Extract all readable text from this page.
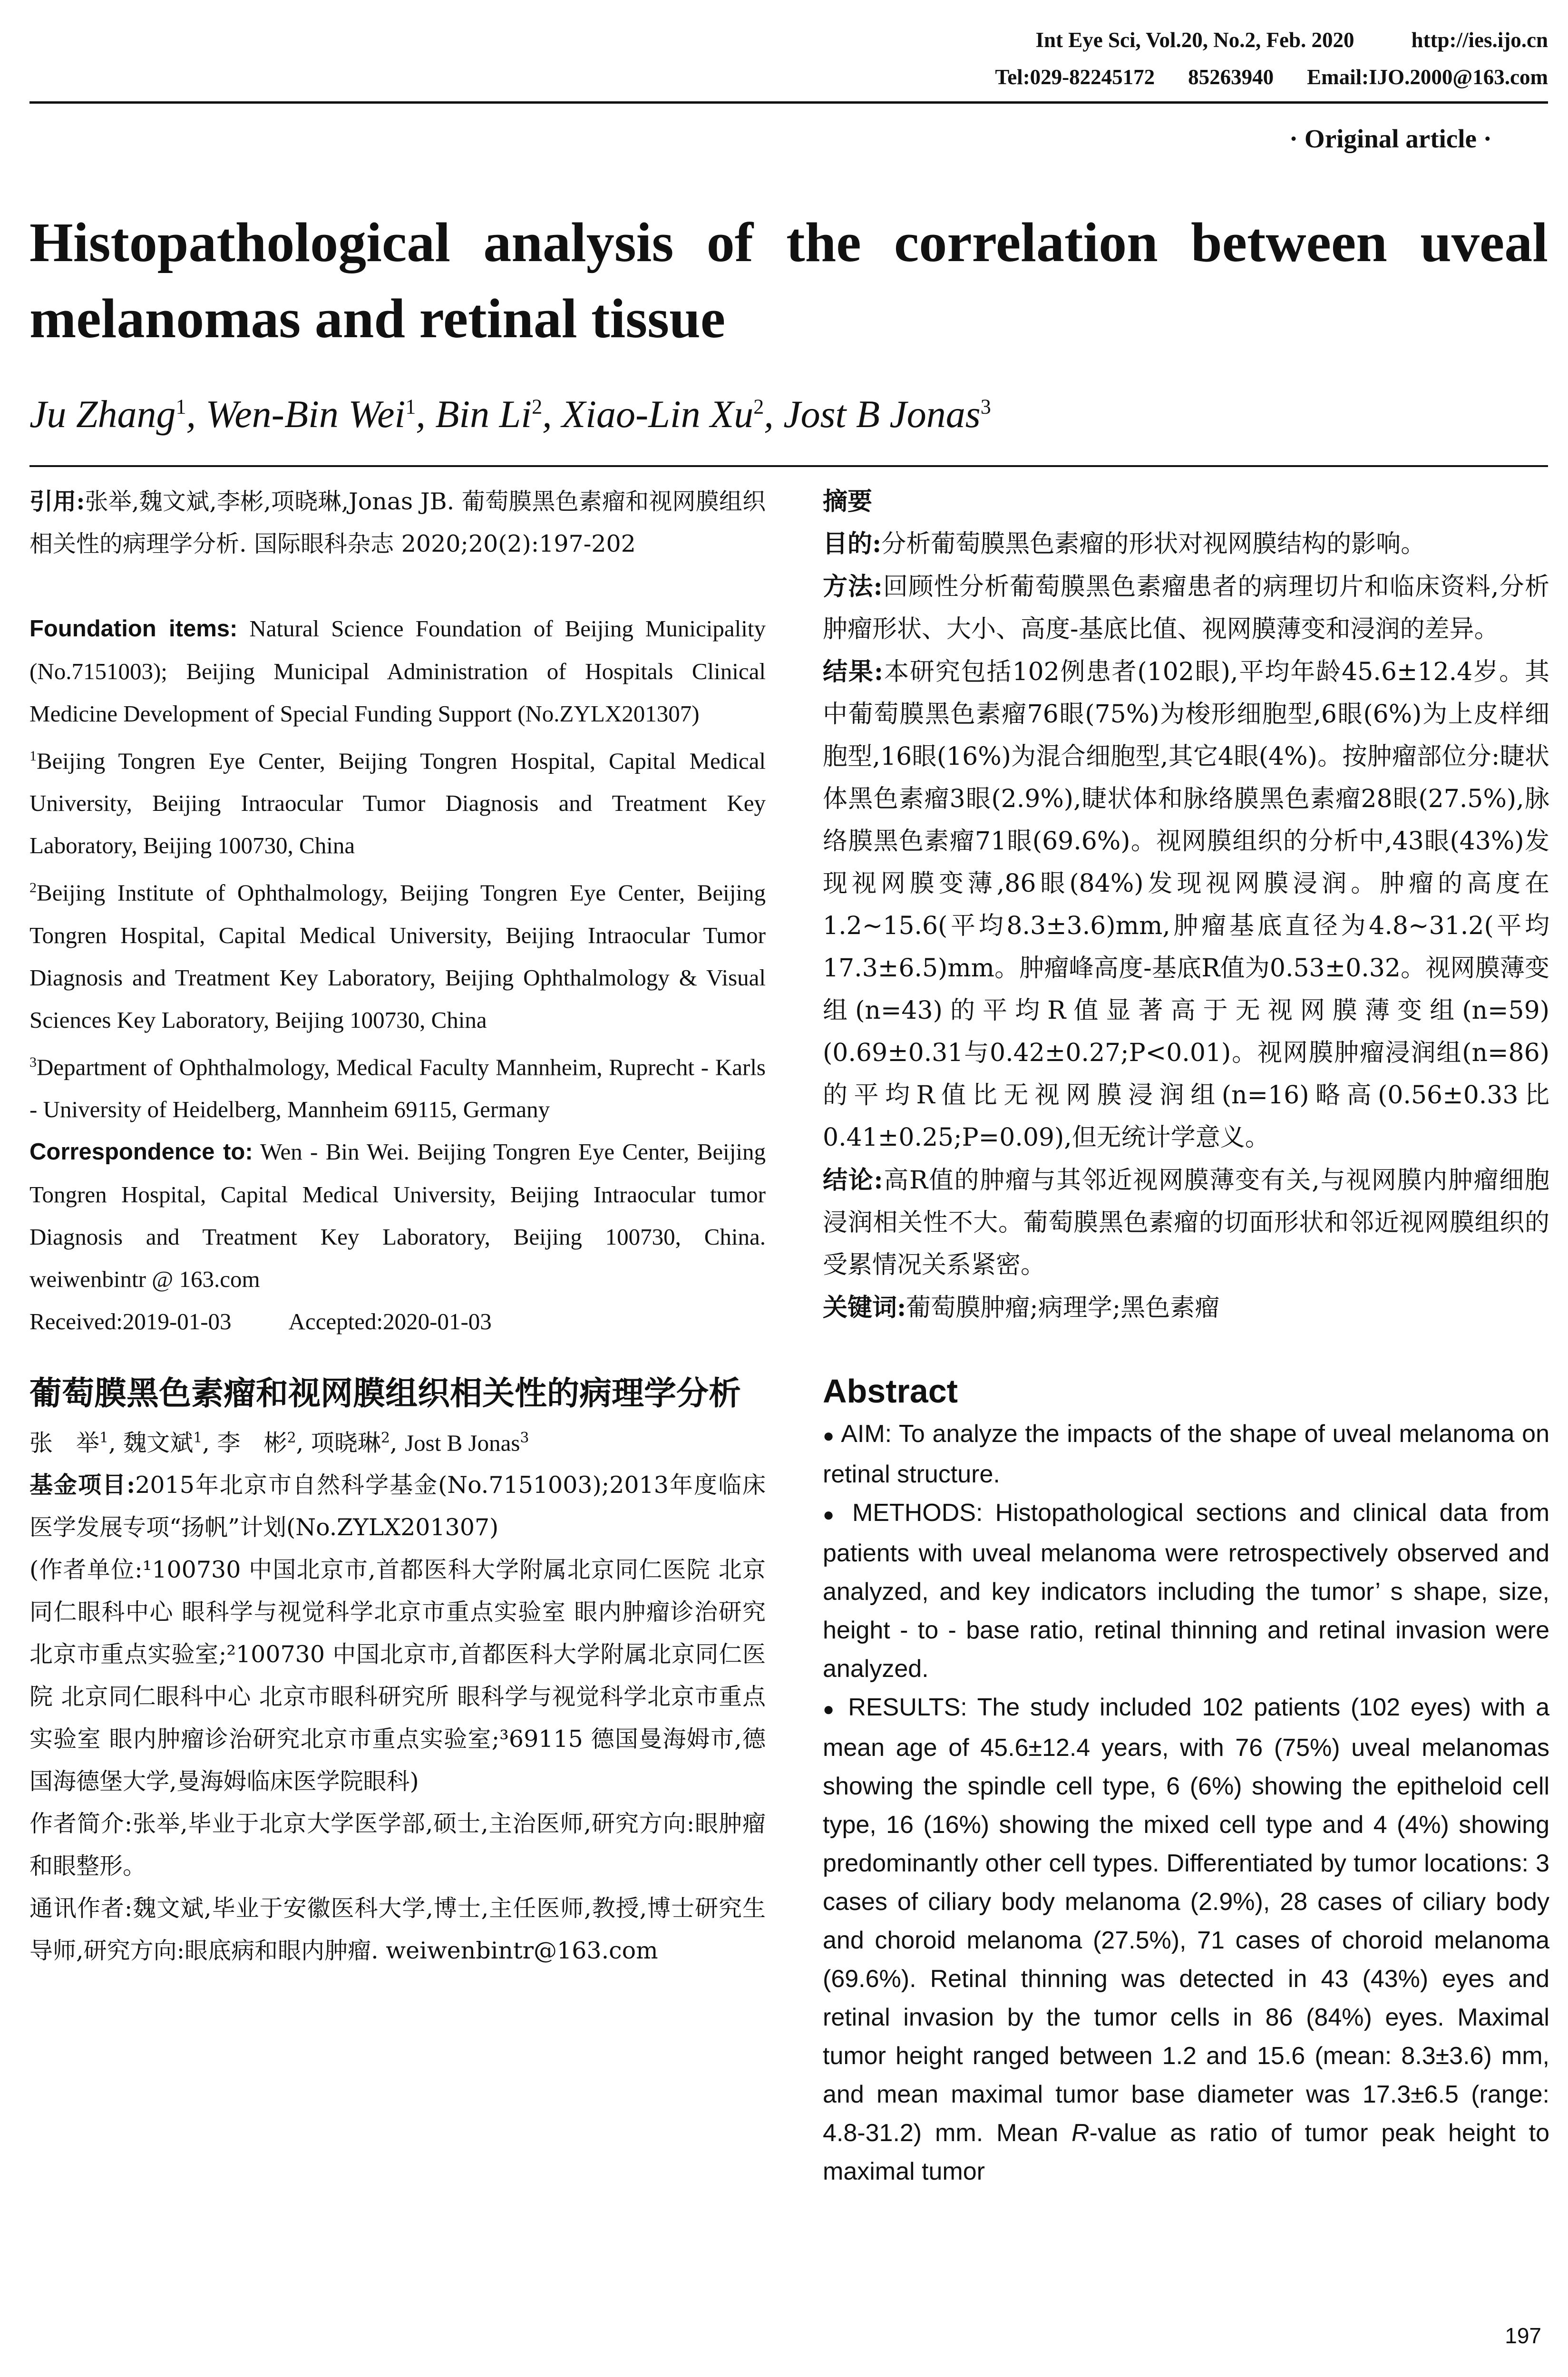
Int Eye Sci, Vol.20, No.2, Feb. 2020	http://ies.ijo.cn
Tel:029-82245172 85263940 Email:IJO.2000@163.com
· Original article ·
Histopathological analysis of the correlation between uveal melanomas and retinal tissue
Ju Zhang$^1$, Wen-Bin Wei$^1$, Bin Li$^2$, Xiao-Lin Xu$^2$, Jost B Jonas$^3$

引用:张举,魏文斌,李彬,项晓琳,Jonas JB. 葡萄膜黑色素瘤和视网膜组织相关性的病理学分析. 国际眼科杂志 2020;20(2):197-202

Foundation items: Natural Science Foundation of Beijing Municipality (No.7151003); Beijing Municipal Administration of Hospitals Clinical Medicine Development of Special Funding Support (No.ZYLX201307)

$^1$Beijing Tongren Eye Center, Beijing Tongren Hospital, Capital Medical University, Beijing Intraocular Tumor Diagnosis and Treatment Key Laboratory, Beijing 100730, China

$^2$Beijing Institute of Ophthalmology, Beijing Tongren Eye Center, Beijing Tongren Hospital, Capital Medical University, Beijing Intraocular Tumor Diagnosis and Treatment Key Laboratory, Beijing Ophthalmology & Visual Sciences Key Laboratory, Beijing 100730, China

$^3$Department of Ophthalmology, Medical Faculty Mannheim, Ruprecht - Karls - University of Heidelberg, Mannheim 69115, Germany

Correspondence to: Wen - Bin Wei. Beijing Tongren Eye Center, Beijing Tongren Hospital, Capital Medical University, Beijing Intraocular tumor Diagnosis and Treatment Key Laboratory, Beijing 100730, China. weiwenbintr @ 163.com

Received:2019-01-03 Accepted:2020-01-03

葡萄膜黑色素瘤和视网膜组织相关性的病理学分析

张　举$^1$, 魏文斌$^1$, 李　彬$^2$, 项晓琳$^2$, Jost B Jonas$^3$

基金项目:2015年北京市自然科学基金(No.7151003);2013年度临床医学发展专项“扬帆”计划(No.ZYLX201307)

(作者单位:¹100730 中国北京市,首都医科大学附属北京同仁医院 北京同仁眼科中心 眼科学与视觉科学北京市重点实验室 眼内肿瘤诊治研究北京市重点实验室;²100730 中国北京市,首都医科大学附属北京同仁医院 北京同仁眼科中心 北京市眼科研究所 眼科学与视觉科学北京市重点实验室 眼内肿瘤诊治研究北京市重点实验室;³69115 德国曼海姆市,德国海德堡大学,曼海姆临床医学院眼科)

作者简介:张举,毕业于北京大学医学部,硕士,主治医师,研究方向:眼肿瘤和眼整形。

通讯作者:魏文斌,毕业于安徽医科大学,博士,主任医师,教授,博士研究生导师,研究方向:眼底病和眼内肿瘤. weiwenbintr@163.com

摘要

目的:分析葡萄膜黑色素瘤的形状对视网膜结构的影响。

方法:回顾性分析葡萄膜黑色素瘤患者的病理切片和临床资料,分析肿瘤形状、大小、高度-基底比值、视网膜薄变和浸润的差异。

结果:本研究包括102例患者(102眼),平均年龄45.6±12.4岁。其中葡萄膜黑色素瘤76眼(75%)为梭形细胞型,6眼(6%)为上皮样细胞型,16眼(16%)为混合细胞型,其它4眼(4%)。按肿瘤部位分:睫状体黑色素瘤3眼(2.9%),睫状体和脉络膜黑色素瘤28眼(27.5%),脉络膜黑色素瘤71眼(69.6%)。视网膜组织的分析中,43眼(43%)发现视网膜变薄,86眼(84%)发现视网膜浸润。肿瘤的高度在1.2~15.6(平均8.3±3.6)mm,肿瘤基底直径为4.8~31.2(平均17.3±6.5)mm。肿瘤峰高度-基底R值为0.53±0.32。视网膜薄变组(n=43)的平均R值显著高于无视网膜薄变组(n=59)(0.69±0.31与0.42±0.27;P<0.01)。视网膜肿瘤浸润组(n=86)的平均R值比无视网膜浸润组(n=16)略高(0.56±0.33比0.41±0.25;P=0.09),但无统计学意义。

结论:高R值的肿瘤与其邻近视网膜薄变有关,与视网膜内肿瘤细胞浸润相关性不大。葡萄膜黑色素瘤的切面形状和邻近视网膜组织的受累情况关系紧密。

关键词:葡萄膜肿瘤;病理学;黑色素瘤

Abstract

● AIM: To analyze the impacts of the shape of uveal melanoma on retinal structure.

● METHODS: Histopathological sections and clinical data from patients with uveal melanoma were retrospectively observed and analyzed, and key indicators including the tumor’ s shape, size, height - to - base ratio, retinal thinning and retinal invasion were analyzed.

● RESULTS: The study included 102 patients (102 eyes) with a mean age of 45.6±12.4 years, with 76 (75%) uveal melanomas showing the spindle cell type, 6 (6%) showing the epitheloid cell type, 16 (16%) showing the mixed cell type and 4 (4%) showing predominantly other cell types. Differentiated by tumor locations: 3 cases of ciliary body melanoma (2.9%), 28 cases of ciliary body and choroid melanoma (27.5%), 71 cases of choroid melanoma (69.6%). Retinal thinning was detected in 43 (43%) eyes and retinal invasion by the tumor cells in 86 (84%) eyes. Maximal tumor height ranged between 1.2 and 15.6 (mean: 8.3±3.6) mm, and mean maximal tumor base diameter was 17.3±6.5 (range: 4.8-31.2) mm. Mean R-value as ratio of tumor peak height to maximal tumor

197
